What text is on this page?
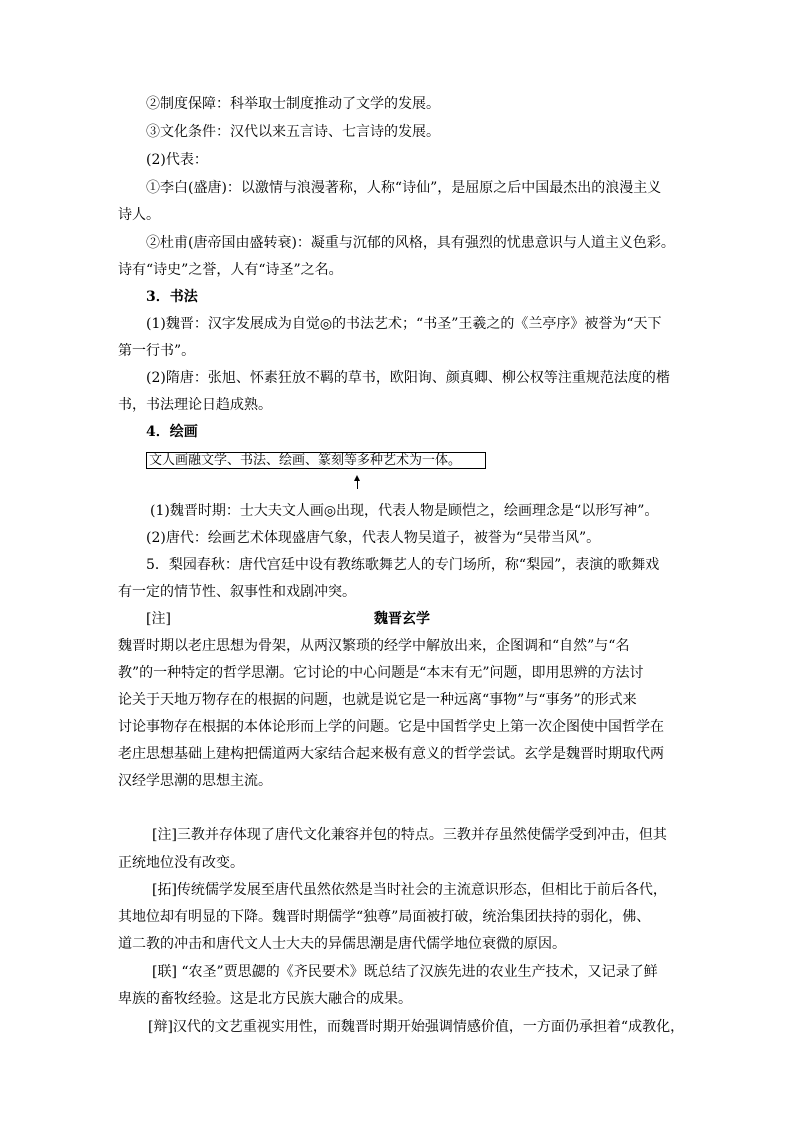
②制度保障：科举取士制度推动了文学的发展。
③文化条件：汉代以来五言诗、七言诗的发展。
(2)代表：
①李白(盛唐)：以激情与浪漫著称，人称“诗仙”，是屈原之后中国最杰出的浪漫主义
诗人。
②杜甫(唐帝国由盛转衰)：凝重与沉郁的风格，具有强烈的忧患意识与人道主义色彩。
诗有“诗史”之誉，人有“诗圣”之名。
3．书法
(1)魏晋：汉字发展成为自觉◎的书法艺术；“书圣”王羲之的《兰亭序》被誉为“天下
第一行书”。
(2)隋唐：张旭、怀素狂放不羁的草书，欧阳询、颜真卿、柳公权等注重规范法度的楷
书，书法理论日趋成熟。
4．绘画
文人画融文学、书法、绘画、篆刻等多种艺术为一体。
(1)魏晋时期：士大夫文人画◎出现，代表人物是顾恺之，绘画理念是“以形写神”。
(2)唐代：绘画艺术体现盛唐气象，代表人物吴道子，被誉为“吴带当风”。
5．梨园春秋：唐代宫廷中设有教练歌舞艺人的专门场所，称“梨园”，表演的歌舞戏
有一定的情节性、叙事性和戏剧冲突。
[注]	魏晋玄学
魏晋时期以老庄思想为骨架，从两汉繁琐的经学中解放出来，企图调和“自然”与“名
教”的一种特定的哲学思潮。它讨论的中心问题是“本末有无”问题，即用思辨的方法讨
论关于天地万物存在的根据的问题，也就是说它是一种远离“事物”与“事务”的形式来
讨论事物存在根据的本体论形而上学的问题。它是中国哲学史上第一次企图使中国哲学在
老庄思想基础上建构把儒道两大家结合起来极有意义的哲学尝试。玄学是魏晋时期取代两
汉经学思潮的思想主流。
[注]三教并存体现了唐代文化兼容并包的特点。三教并存虽然使儒学受到冲击，但其
正统地位没有改变。
[拓]传统儒学发展至唐代虽然依然是当时社会的主流意识形态，但相比于前后各代，
其地位却有明显的下降。魏晋时期儒学“独尊”局面被打破，统治集团扶持的弱化，佛、
道二教的冲击和唐代文人士大夫的异儒思潮是唐代儒学地位衰微的原因。
[联] “农圣”贾思勰的《齐民要术》既总结了汉族先进的农业生产技术，又记录了鲜
卑族的畜牧经验。这是北方民族大融合的成果。
[辩]汉代的文艺重视实用性，而魏晋时期开始强调情感价值，一方面仍承担着“成教化，
